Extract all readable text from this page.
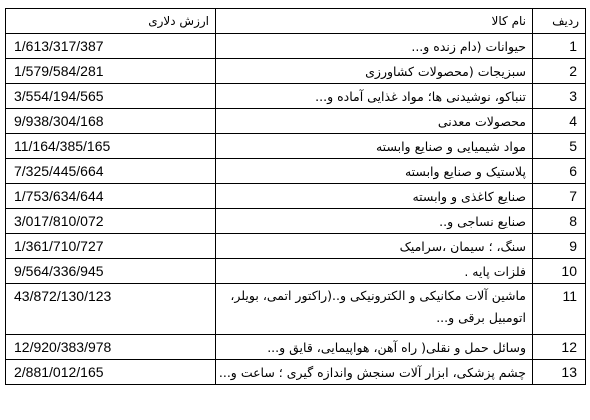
ردیف	نام کالا	ارزش دلاری
1	حیوانات (دام زنده و...	1/613/317/387
2	سبزیجات (محصولات کشاورزی	1/579/584/281
3	تنباکو، نوشیدنی ها؛ مواد غذایی آماده و...	3/554/194/565
4	محصولات معدنی	9/938/304/168
5	مواد شیمیایی و صنایع وابسته	11/164/385/165
6	پلاستیک و صنایع وابسته	7/325/445/664
7	صنایع کاغذی و وابسته	1/753/634/644
8	صنایع نساجی و..	3/017/810/072
9	سنگ، ؛ سیمان ،سرامیک	1/361/710/727
10	فلزات پایه .	9/564/336/945
11	ماشین آلات مکانیکی و الکترونیکی و..(راکتور اتمی، بویلر، اتومبیل برقی و...	43/872/130/123
12	وسائل حمل و نقلی( راه آهن، هواپیمایی، قایق و...	12/920/383/978
13	چشم پزشکی، ابزار آلات سنجش واندازه گیری ؛ ساعت و...	2/881/012/165
